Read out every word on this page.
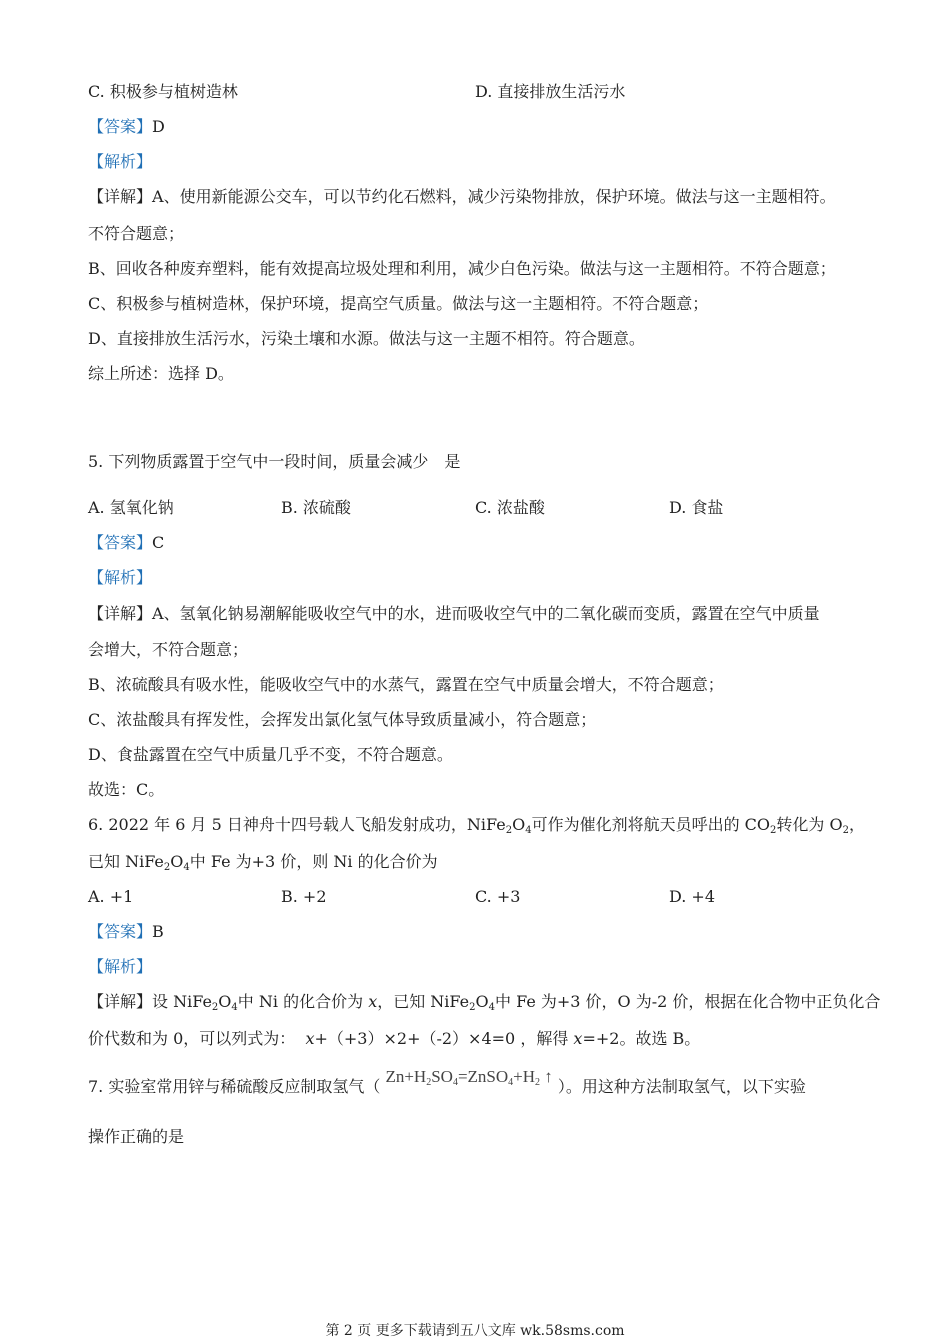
C. 积极参与植树造林	D. 直接排放生活污水
【答案】D
【解析】
【详解】A、使用新能源公交车，可以节约化石燃料，减少污染物排放，保护环境。做法与这一主题相符。
不符合题意；
B、回收各种废弃塑料，能有效提高垃圾处理和利用，减少白色污染。做法与这一主题相符。不符合题意；
C、积极参与植树造林，保护环境，提高空气质量。做法与这一主题相符。不符合题意；
D、直接排放生活污水，污染土壤和水源。做法与这一主题不相符。符合题意。
综上所述：选择 D。
5. 下列物质露置于空气中一段时间，质量会减少　是
A. 氢氧化钠	B. 浓硫酸	C. 浓盐酸	D. 食盐
【答案】C
【解析】
【详解】A、氢氧化钠易潮解能吸收空气中的水，进而吸收空气中的二氧化碳而变质，露置在空气中质量
会增大，不符合题意；
B、浓硫酸具有吸水性，能吸收空气中的水蒸气，露置在空气中质量会增大，不符合题意；
C、浓盐酸具有挥发性，会挥发出氯化氢气体导致质量减小，符合题意；
D、食盐露置在空气中质量几乎不变，不符合题意。
故选：C。
6. 2022 年 6 月 5 日神舟十四号载人飞船发射成功，$NiFe_2O_4$可作为催化剂将航天员呼出的 $CO_2$转化为 $O_2$，
已知 $NiFe_2O_4$中 Fe 为+3 价，则 Ni 的化合价为
A. +1	B. +2	C. +3	D. +4
【答案】B
【解析】
【详解】设 $NiFe_2O_4$中 Ni 的化合价为 x，已知 $NiFe_2O_4$中 Fe 为+3 价，O 为-2 价，根据在化合物中正负化合
价代数和为 0，可以列式为： x+（+3）×2+（-2）×4=0 ，解得 x=+2。故选 B。
7. 实验室常用锌与稀硫酸反应制取氢气（ $Zn+H_2SO_4=ZnSO_4+H_2$ ↑ ）。用这种方法制取氢气，以下实验
操作正确的是
第 2 页 更多下载请到五八文库 wk.58sms.com
